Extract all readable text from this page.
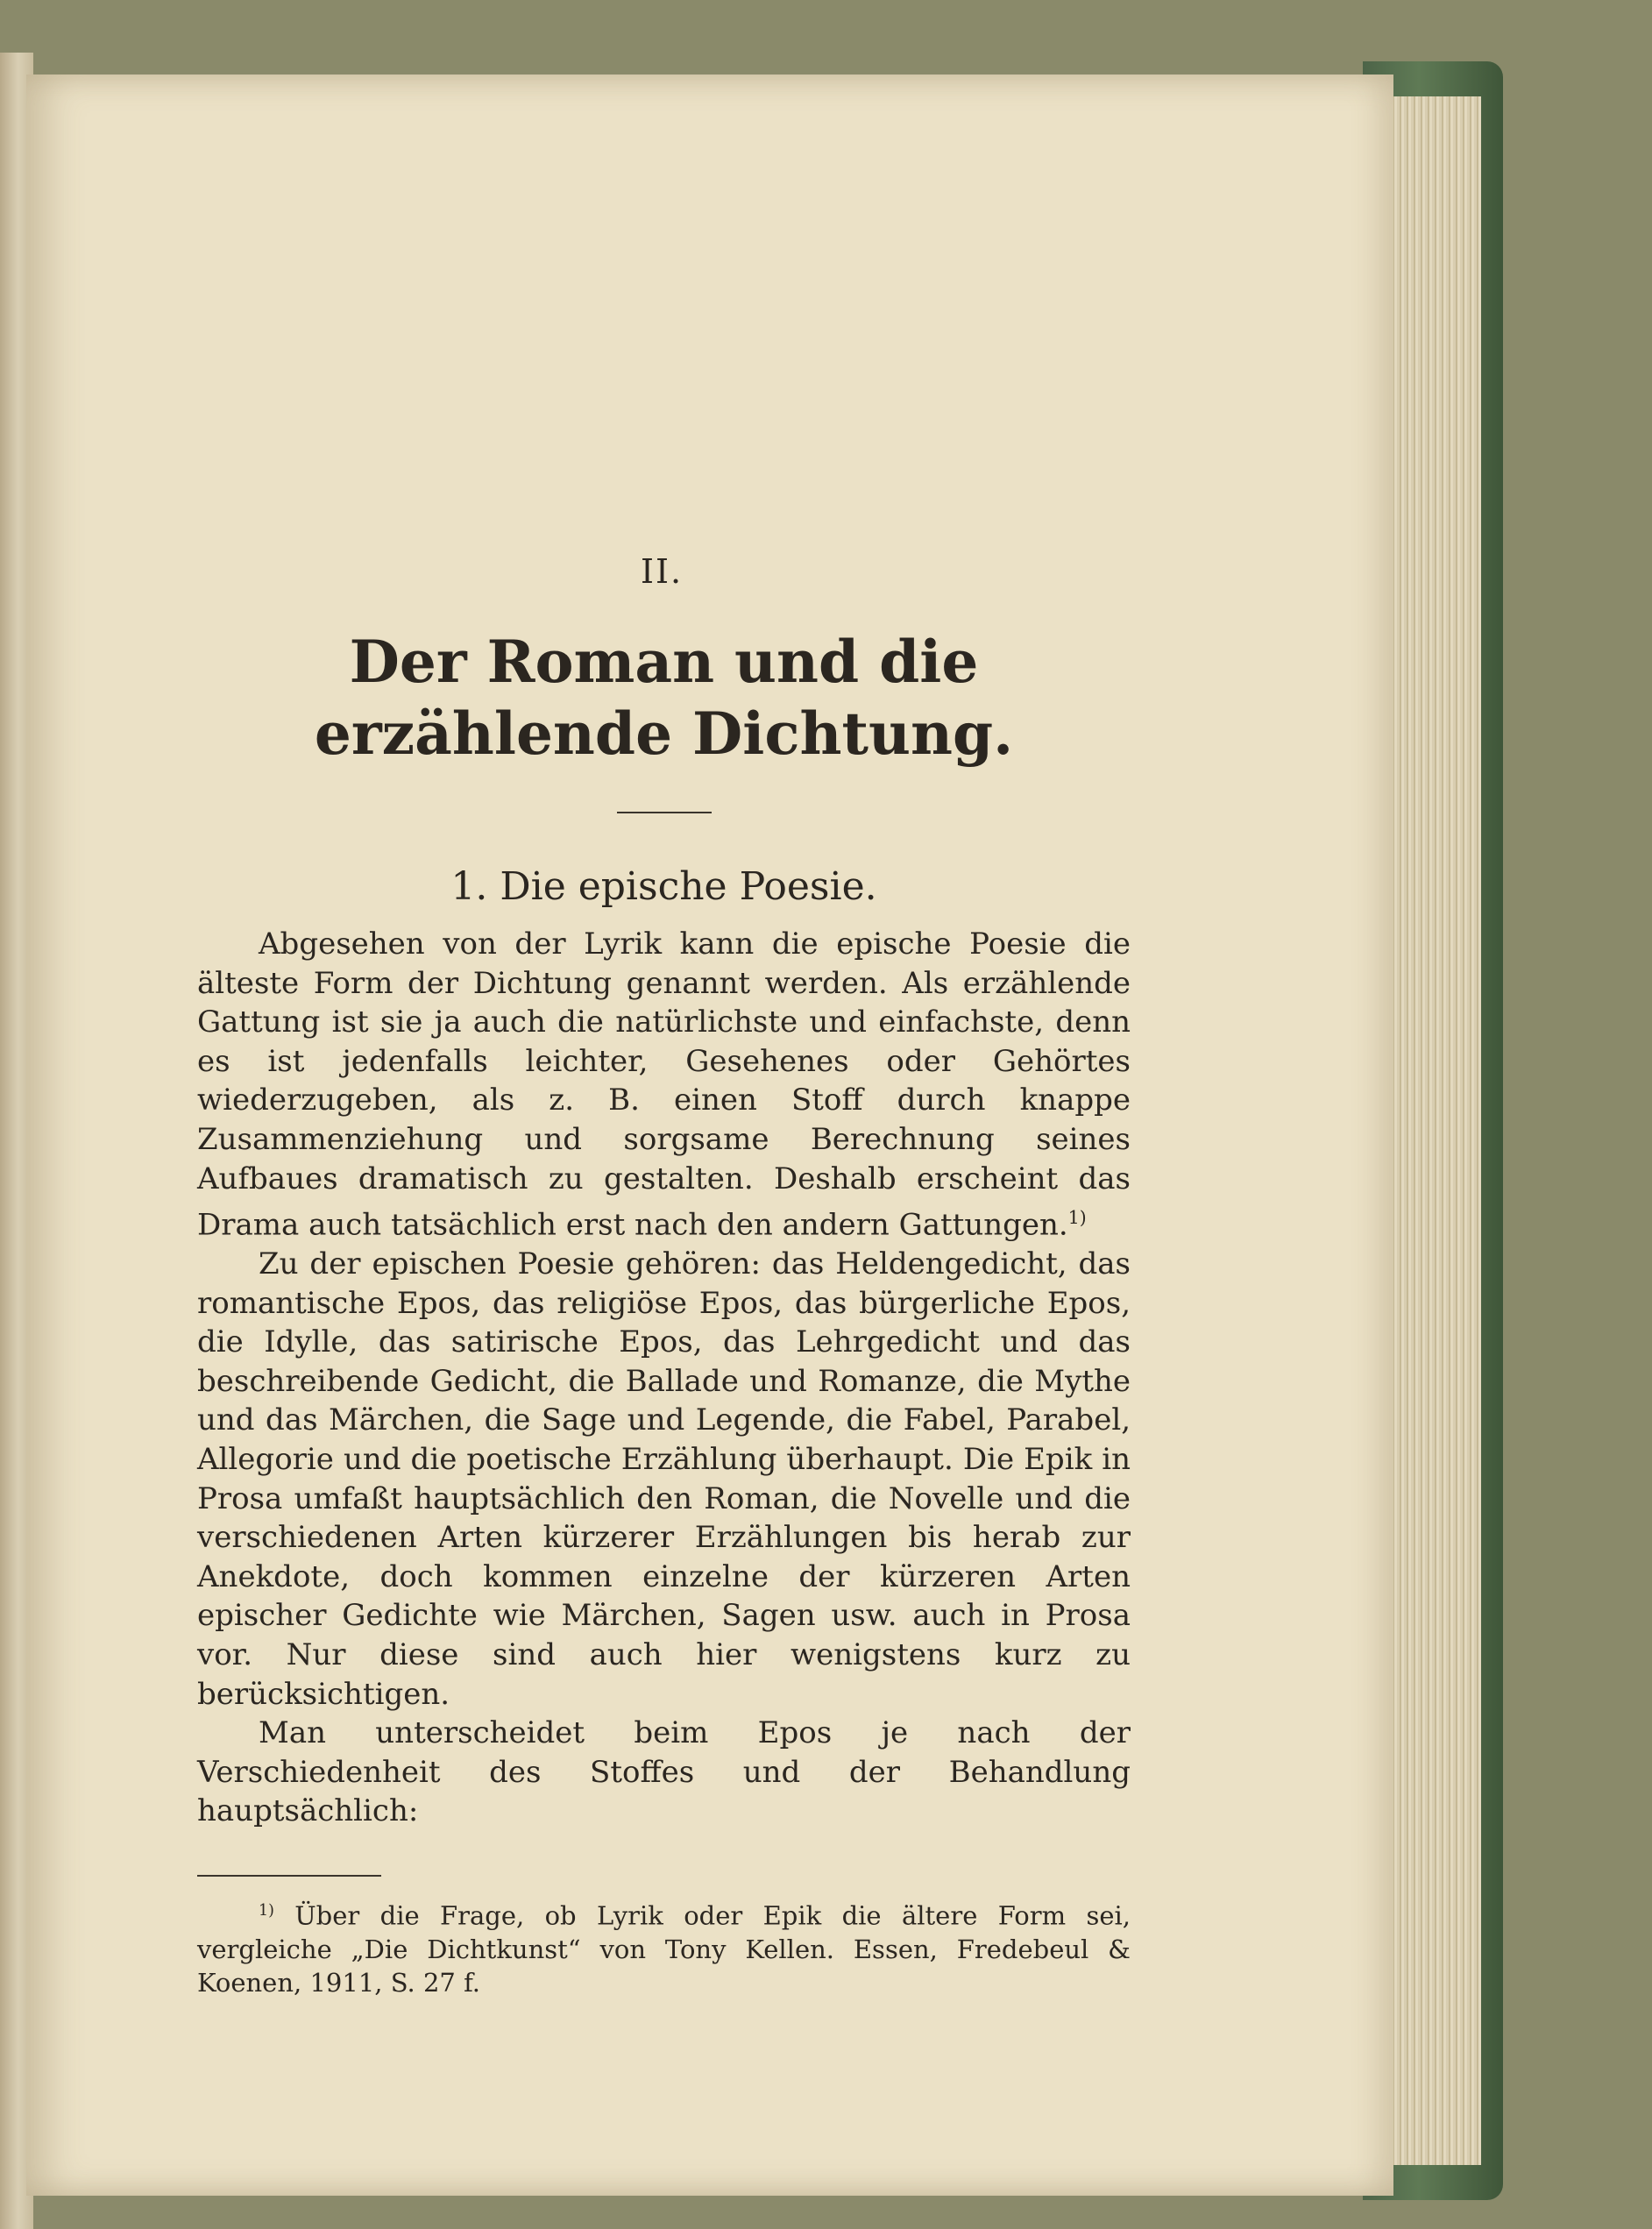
II.
Der Roman und die erzählende Dichtung.
1. Die epische Poesie.

Abgesehen von der Lyrik kann die epische Poesie die älteste Form der Dichtung genannt werden. Als erzählende Gattung ist sie ja auch die natürlichste und einfachste, denn es ist jedenfalls leichter, Gesehenes oder Gehörtes wiederzugeben, als z. B. einen Stoff durch knappe Zusammenziehung und sorgsame Berechnung seines Aufbaues dramatisch zu gestalten. Deshalb erscheint das Drama auch tatsächlich erst nach den andern Gattungen.$^{1)}$

Zu der epischen Poesie gehören: das Heldengedicht, das romantische Epos, das religiöse Epos, das bürgerliche Epos, die Idylle, das satirische Epos, das Lehrgedicht und das beschreibende Gedicht, die Ballade und Romanze, die Mythe und das Märchen, die Sage und Legende, die Fabel, Parabel, Allegorie und die poetische Erzählung überhaupt. Die Epik in Prosa umfaßt hauptsächlich den Roman, die Novelle und die verschiedenen Arten kürzerer Erzählungen bis herab zur Anekdote, doch kommen einzelne der kürzeren Arten epischer Gedichte wie Märchen, Sagen usw. auch in Prosa vor. Nur diese sind auch hier wenigstens kurz zu berücksichtigen.

Man unterscheidet beim Epos je nach der Verschiedenheit des Stoffes und der Behandlung hauptsächlich:

$^{1)}$ Über die Frage, ob Lyrik oder Epik die ältere Form sei, vergleiche „Die Dichtkunst“ von Tony Kellen. Essen, Fredebeul & Koenen, 1911, S. 27 f.
